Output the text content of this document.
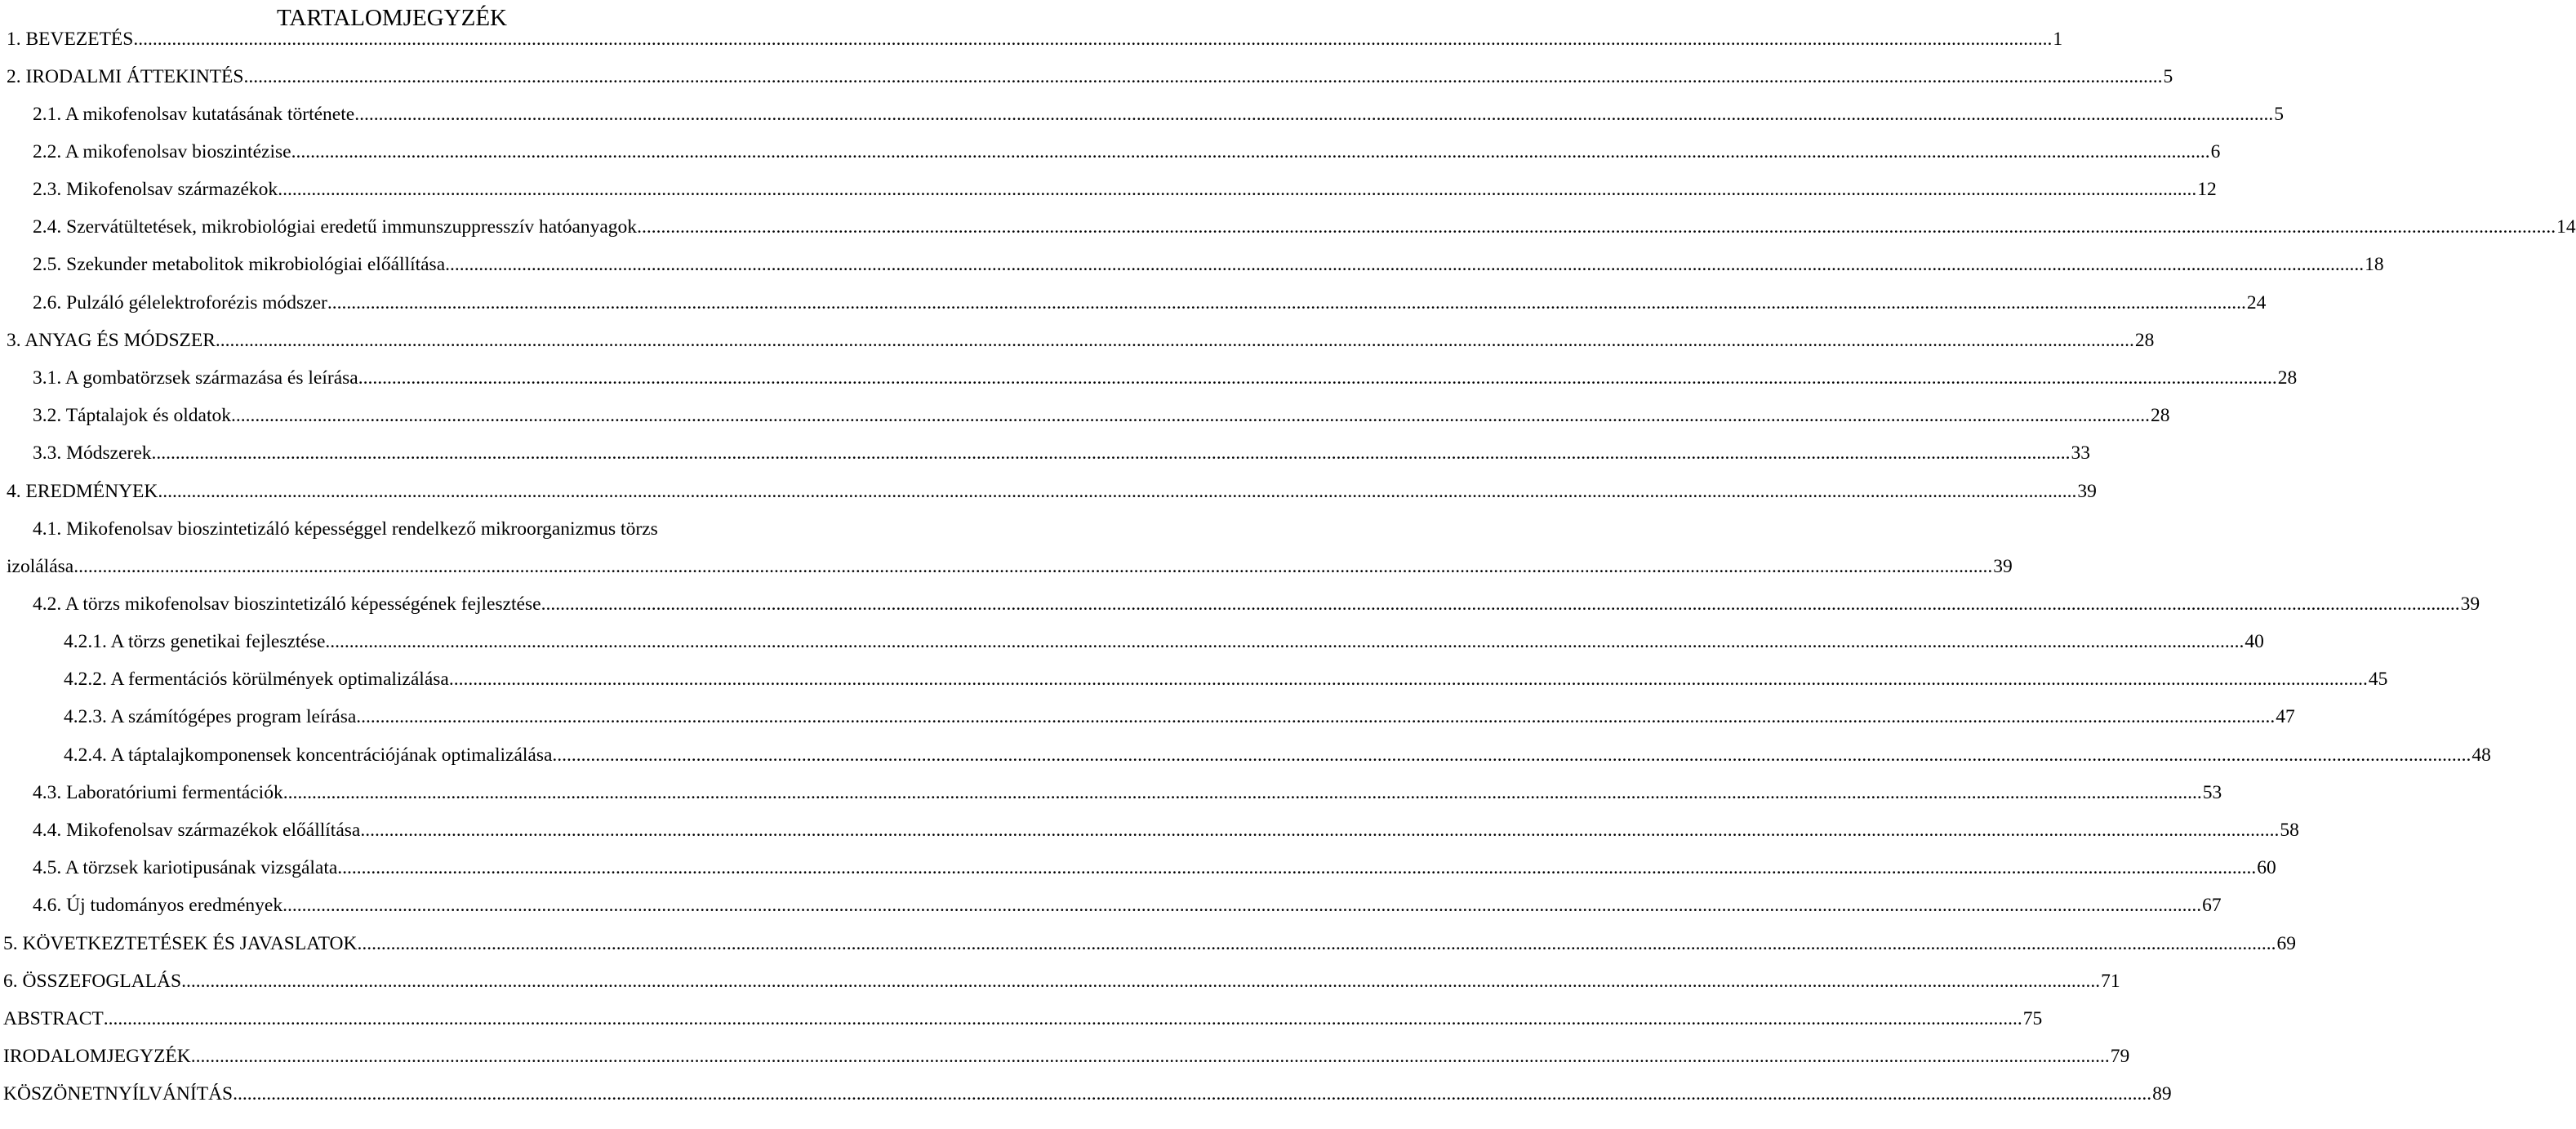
TARTALOMJEGYZÉK
1. BEVEZETÉS ................................................................................................................................................................................................................................................................................................................................................................................................................ 1
2. IRODALMI ÁTTEKINTÉS ................................................................................................................................................................................................................................................................................................................................................................................................................ 5
2.1. A mikofenolsav kutatásának története ................................................................................................................................................................................................................................................................................................................................................................................................................ 5
2.2. A mikofenolsav bioszintézise ................................................................................................................................................................................................................................................................................................................................................................................................................ 6
2.3. Mikofenolsav származékok ................................................................................................................................................................................................................................................................................................................................................................................................................ 12
2.4. Szervátültetések, mikrobiológiai eredetű immunszuppresszív hatóanyagok ................................................................................................................................................................................................................................................................................................................................................................................................................ 14
2.5. Szekunder metabolitok mikrobiológiai előállítása ................................................................................................................................................................................................................................................................................................................................................................................................................ 18
2.6. Pulzáló gélelektroforézis módszer ................................................................................................................................................................................................................................................................................................................................................................................................................ 24
3. ANYAG ÉS MÓDSZER ................................................................................................................................................................................................................................................................................................................................................................................................................ 28
3.1. A gombatörzsek származása és leírása ................................................................................................................................................................................................................................................................................................................................................................................................................ 28
3.2. Táptalajok és oldatok ................................................................................................................................................................................................................................................................................................................................................................................................................ 28
3.3. Módszerek ................................................................................................................................................................................................................................................................................................................................................................................................................ 33
4. EREDMÉNYEK ................................................................................................................................................................................................................................................................................................................................................................................................................ 39
4.1. Mikofenolsav bioszintetizáló képességgel rendelkező mikroorganizmus törzs
izolálása ................................................................................................................................................................................................................................................................................................................................................................................................................ 39
4.2. A törzs mikofenolsav bioszintetizáló képességének fejlesztése ................................................................................................................................................................................................................................................................................................................................................................................................................ 39
4.2.1. A törzs genetikai fejlesztése ................................................................................................................................................................................................................................................................................................................................................................................................................ 40
4.2.2. A fermentációs körülmények optimalizálása ................................................................................................................................................................................................................................................................................................................................................................................................................ 45
4.2.3. A számítógépes program leírása ................................................................................................................................................................................................................................................................................................................................................................................................................ 47
4.2.4. A táptalajkomponensek koncentrációjának optimalizálása ................................................................................................................................................................................................................................................................................................................................................................................................................ 48
4.3. Laboratóriumi fermentációk ................................................................................................................................................................................................................................................................................................................................................................................................................ 53
4.4. Mikofenolsav származékok előállítása ................................................................................................................................................................................................................................................................................................................................................................................................................ 58
4.5. A törzsek kariotipusának vizsgálata ................................................................................................................................................................................................................................................................................................................................................................................................................ 60
4.6. Új tudományos eredmények ................................................................................................................................................................................................................................................................................................................................................................................................................ 67
5. KÖVETKEZTETÉSEK ÉS JAVASLATOK ................................................................................................................................................................................................................................................................................................................................................................................................................ 69
6. ÖSSZEFOGLALÁS ................................................................................................................................................................................................................................................................................................................................................................................................................ 71
ABSTRACT ................................................................................................................................................................................................................................................................................................................................................................................................................ 75
IRODALOMJEGYZÉK ................................................................................................................................................................................................................................................................................................................................................................................................................ 79
KÖSZÖNETNYÍLVÁNÍTÁS ................................................................................................................................................................................................................................................................................................................................................................................................................ 89
